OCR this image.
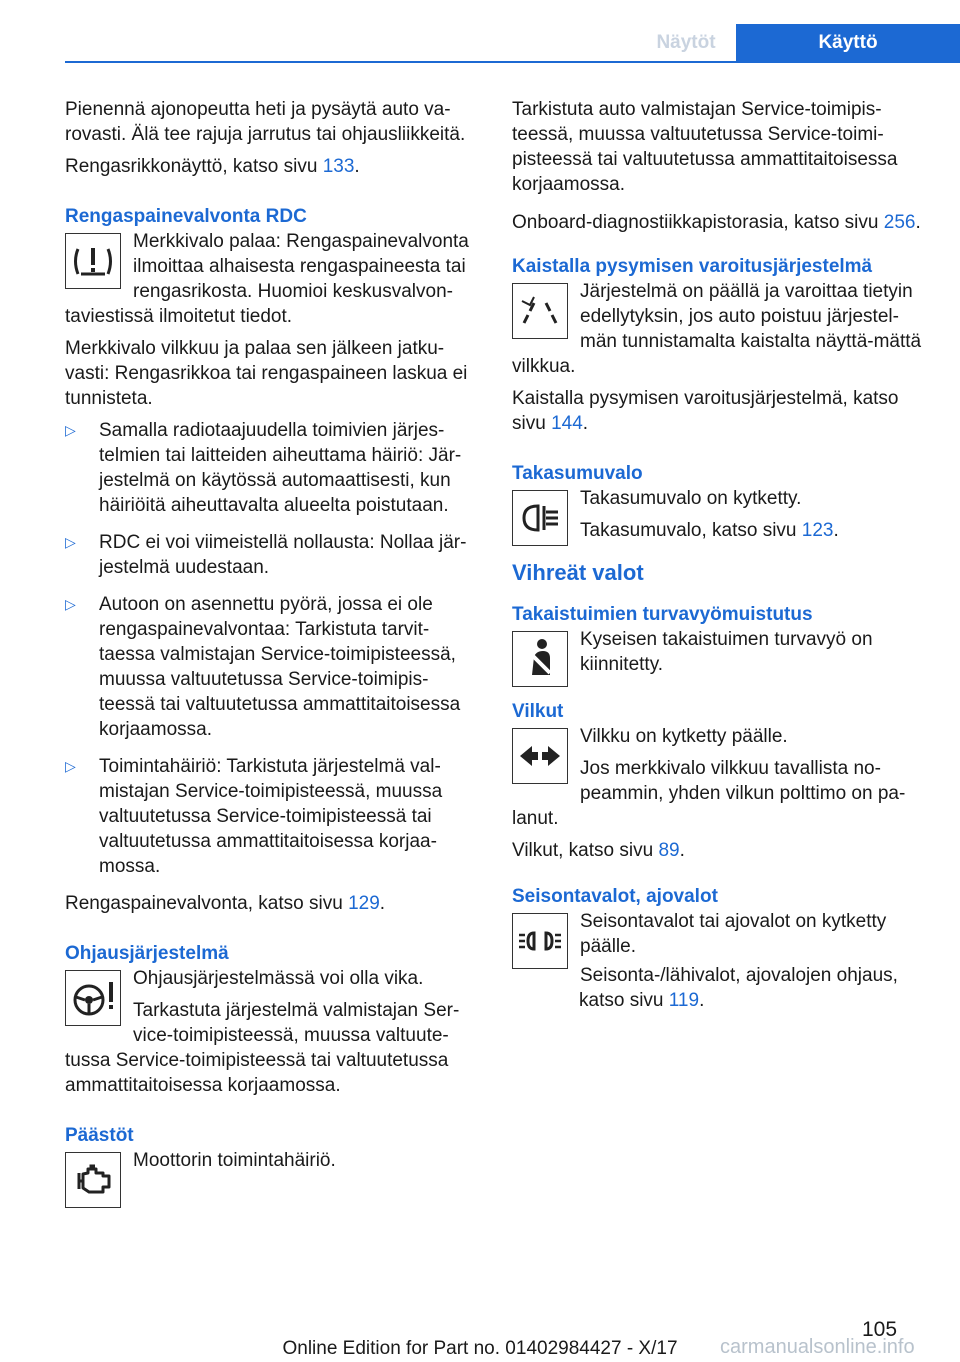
Näytöt	Käyttö

Pienennä ajonopeutta heti ja pysäytä auto va-rovasti. Älä tee rajuja jarrutus tai ohjausliikkeitä.

Rengasrikkonäyttö, katso sivu 133.

Rengaspainevalvonta RDC

Merkkivalo palaa: Rengaspainevalvonta ilmoittaa alhaisesta rengaspaineesta tai rengasrikosta. Huomioi keskusvalvon-taviestissä ilmoitetut tiedot.

Merkkivalo vilkkuu ja palaa sen jälkeen jatku-vasti: Rengasrikkoa tai rengaspaineen laskua ei tunnisteta.

▷ Samalla radiotaajuudella toimivien järjes-telmien tai laitteiden aiheuttama häiriö: Jär-jestelmä on käytössä automaattisesti, kun häiriöitä aiheuttavalta alueelta poistutaan.
▷ RDC ei voi viimeistellä nollausta: Nollaa jär-jestelmä uudestaan.
▷ Autoon on asennettu pyörä, jossa ei ole rengaspainevalvontaa: Tarkistuta tarvit-taessa valmistajan Service-toimipisteessä, muussa valtuutetussa Service-toimipis-teessä tai valtuutetussa ammattitaitoisessa korjaamossa.
▷ Toimintahäiriö: Tarkistuta järjestelmä val-mistajan Service-toimipisteessä, muussa valtuutetussa Service-toimipisteessä tai valtuutetussa ammattitaitoisessa korjaa-mossa.

Rengaspainevalvonta, katso sivu 129.

Ohjausjärjestelmä

Ohjausjärjestelmässä voi olla vika.

Tarkastuta järjestelmä valmistajan Ser-vice-toimipisteessä, muussa valtuute-tussa Service-toimipisteessä tai valtuutetussa ammattitaitoisessa korjaamossa.

Päästöt

Moottorin toimintahäiriö.

Tarkistuta auto valmistajan Service-toimipis-teessä, muussa valtuutetussa Service-toimi-pisteessä tai valtuutetussa ammattitaitoisessa korjaamossa.

Onboard-diagnostiikkapistorasia, katso sivu 256.

Kaistalla pysymisen varoitusjärjestelmä

Järjestelmä on päällä ja varoittaa tietyin edellytyksin, jos auto poistuu järjestel-män tunnistamalta kaistalta näyttä-mättä vilkkua.

Kaistalla pysymisen varoitusjärjestelmä, katso sivu 144.

Takasumuvalo

Takasumuvalo on kytketty.

Takasumuvalo, katso sivu 123.

Vihreät valot
Takaistuimien turvavyömuistutus

Kyseisen takaistuimen turvavyö on kiinnitetty.

Vilkut

Vilkku on kytketty päälle.

Jos merkkivalo vilkkuu tavallista no-peammin, yhden vilkun polttimo on pa-lanut.

Vilkut, katso sivu 89.

Seisontavalot, ajovalot

Seisontavalot tai ajovalot on kytketty päälle.

Seisonta-/lähivalot, ajovalojen ohjaus, katso sivu 119.

105
Online Edition for Part no. 01402984427 - X/17	carmanualsonline.info
